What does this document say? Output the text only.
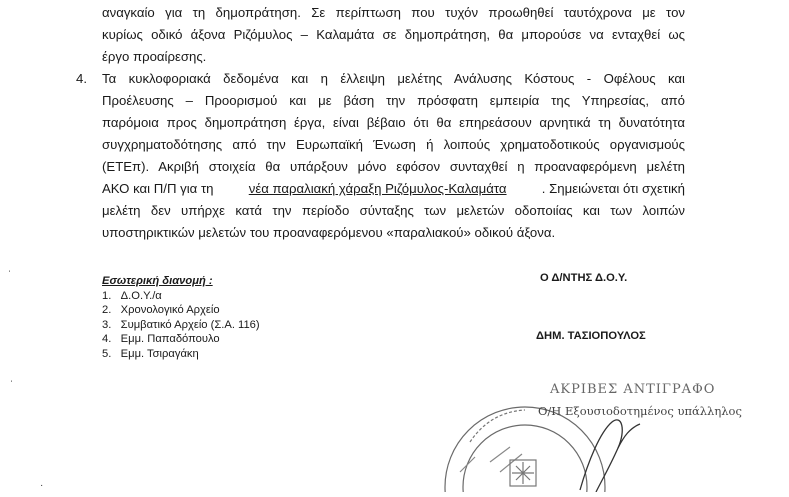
αναγκαίο για τη δημοπράτηση. Σε περίπτωση που τυχόν προωθηθεί ταυτόχρονα με τον
κυρίως οδικό άξονα Ριζόμυλος – Καλαμάτα σε δημοπράτηση, θα μπορούσε να ενταχθεί ως
έργο προαίρεσης.
4. Τα κυκλοφοριακά δεδομένα και η έλλειψη μελέτης Ανάλυσης Κόστους - Οφέλους και
Προέλευσης – Προορισμού και με βάση την πρόσφατη εμπειρία της Υπηρεσίας, από
παρόμοια προς δημοπράτηση έργα, είναι βέβαιο ότι θα επηρεάσουν αρνητικά τη δυνατότητα
συγχρηματοδότησης από την Ευρωπαϊκή Ένωση ή λοιπούς χρηματοδοτικούς οργανισμούς
(ΕΤΕπ). Ακριβή στοιχεία θα υπάρξουν μόνο εφόσον συνταχθεί η προαναφερόμενη μελέτη
ΑΚΟ και Π/Π για τη	νέα παραλιακή χάραξη Ριζόμυλος-Καλαμάτα	. Σημειώνεται ότι σχετική
μελέτη δεν υπήρχε κατά την περίοδο σύνταξης των μελετών οδοποιίας και των λοιπών
υποστηρικτικών μελετών του προαναφερόμενου «παραλιακού» οδικού άξονα.
ˈ
ˈ
·
Εσωτερική διανομή :
1. Δ.Ο.Υ./α
2. Χρονολογικό Αρχείο
3. Συμβατικό Αρχείο (Σ.Α. 116)
4. Εμμ. Παπαδόπουλο
5. Εμμ. Τσιραγάκη
Ο Δ/ΝΤΗΣ Δ.Ο.Υ.
ΔΗΜ. ΤΑΣΙΟΠΟΥΛΟΣ
ΑΚΡΙΒΕΣ ΑΝΤΙΓΡΑΦΟ
Ο/Η Εξουσιοδοτημένος υπάλληλος
